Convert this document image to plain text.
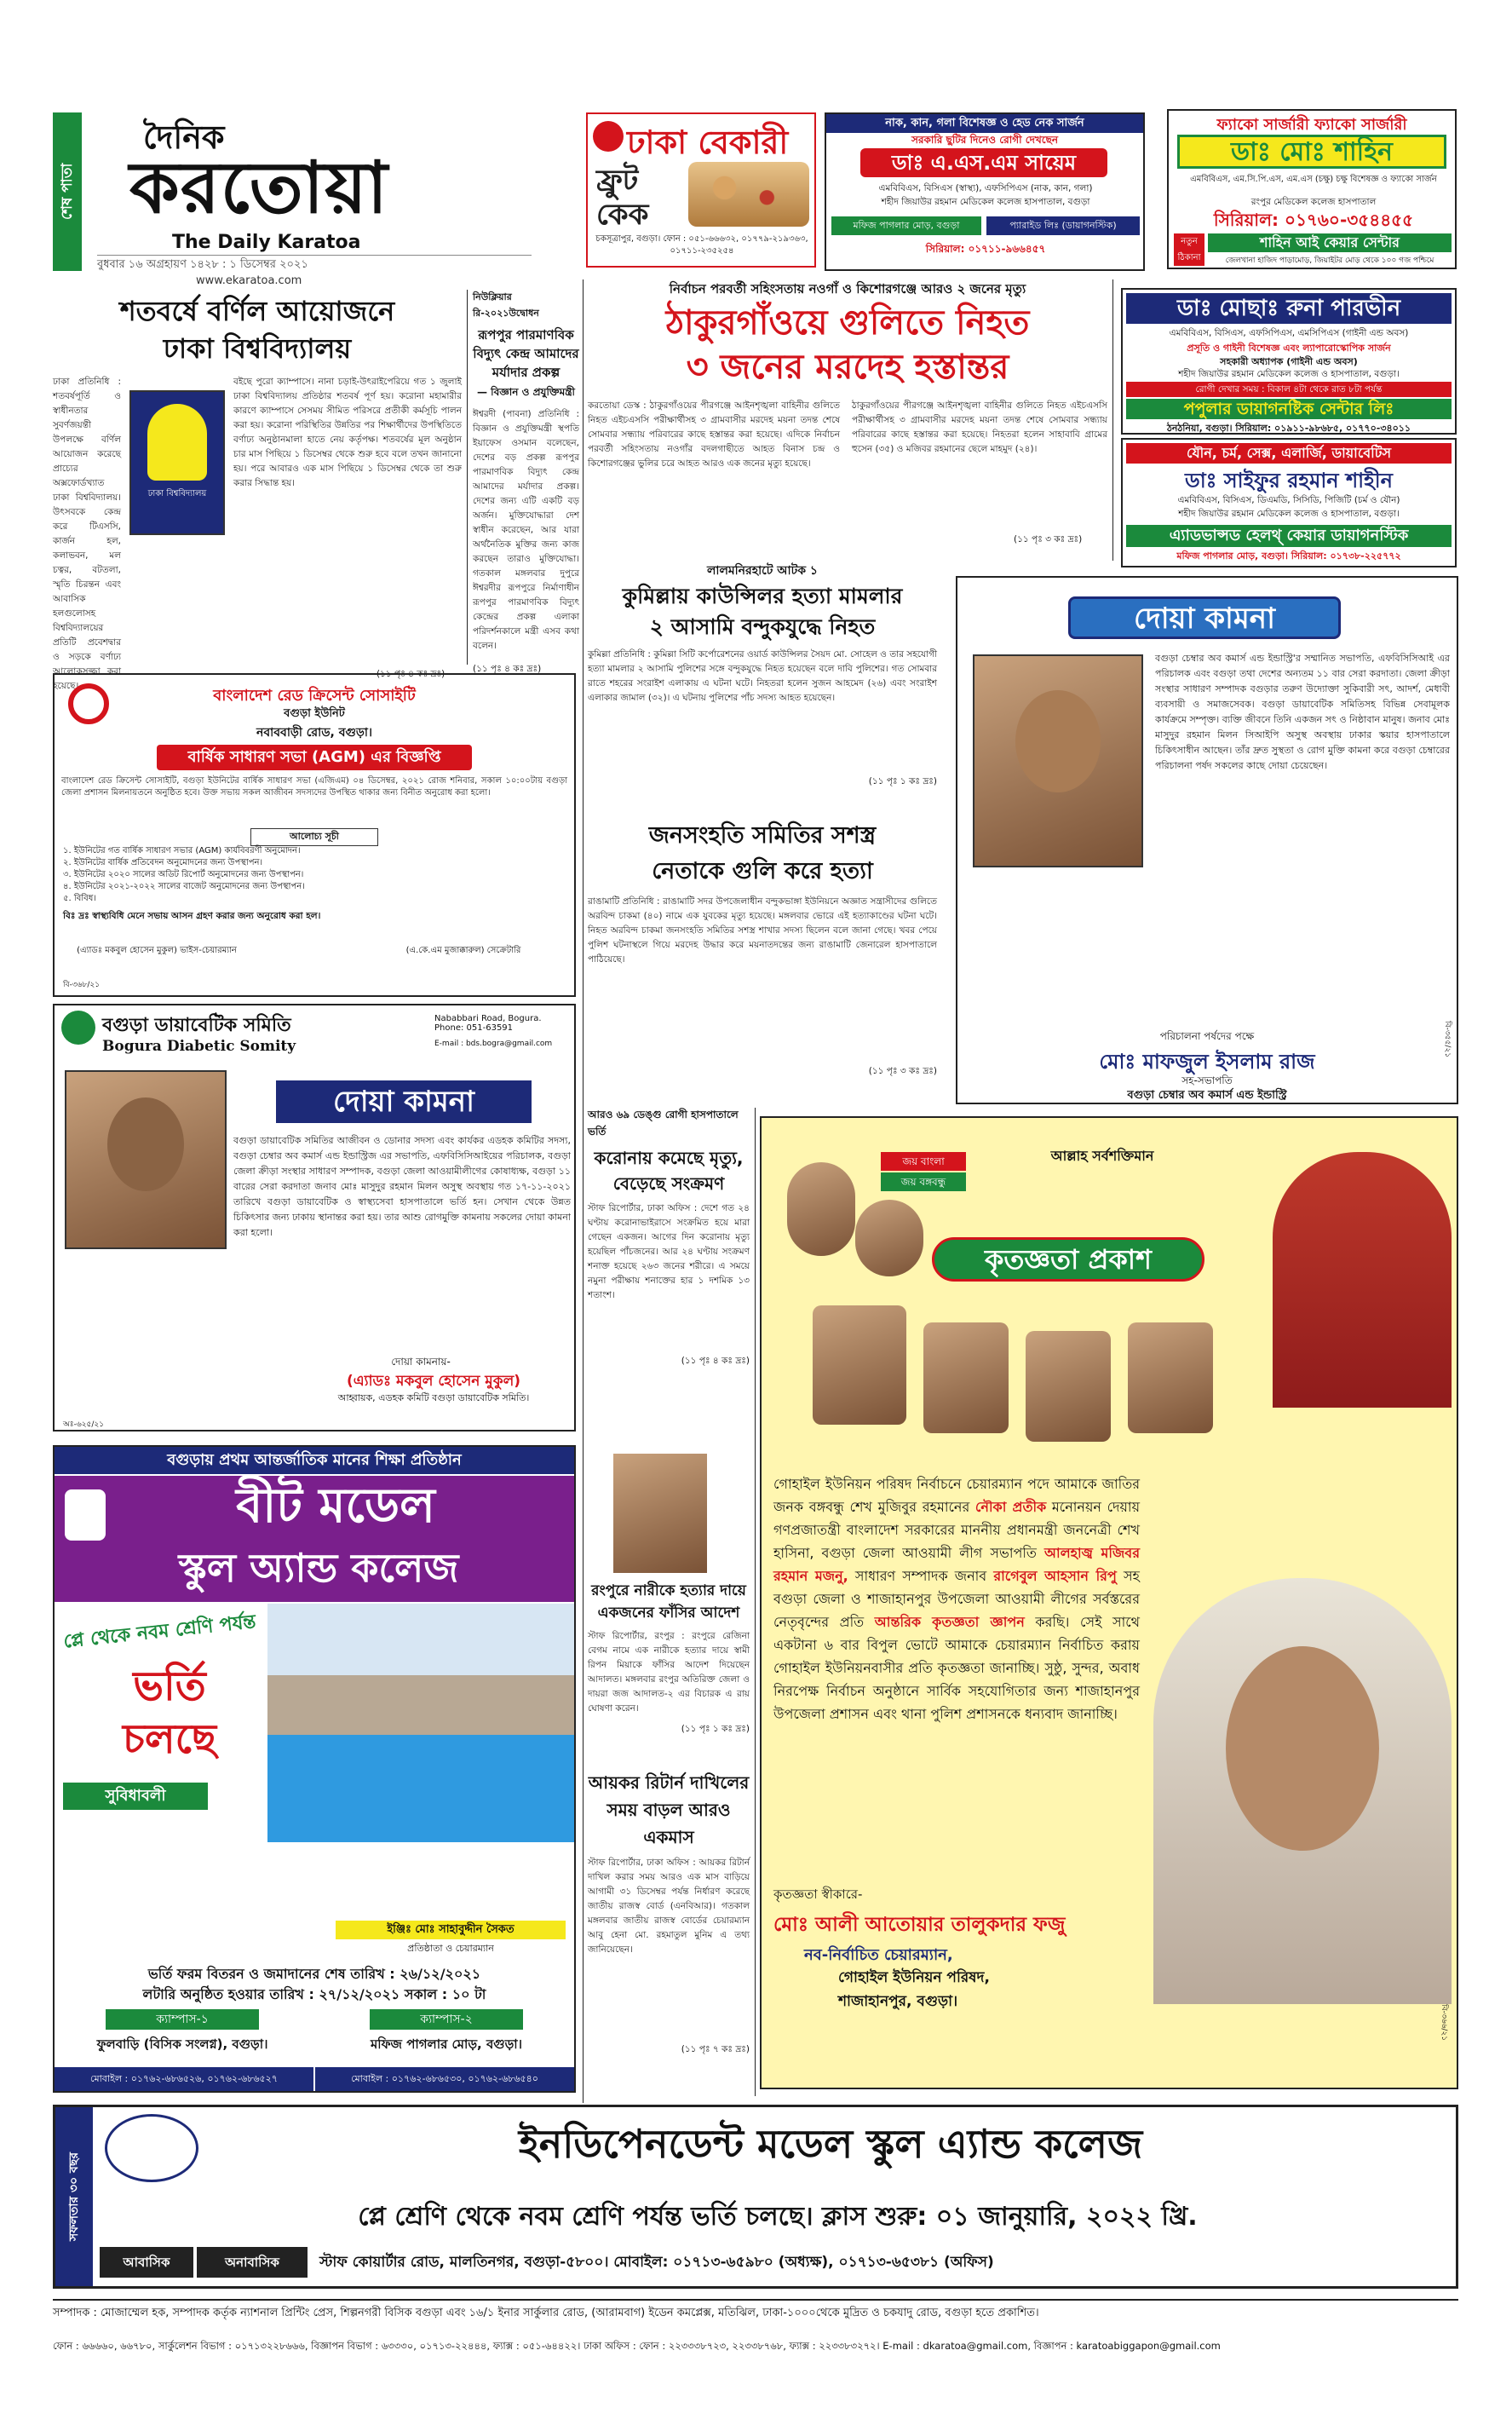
শেষ পাতা
দৈনিক
করতোয়া
The Daily Karatoa
বুধবার ১৬ অগ্রহায়ণ ১৪২৮ : ১ ডিসেম্বর ২০২১
www.ekaratoa.com
ঢাকা বেকারী
ফ্রুট কেক
চকসূত্রাপুর, বগুড়া। ফোন : ০৫১-৬৬৬৩২, ০১৭৭৯-২১৯৩৬৩, ০১৭১১-২৩৫২৫৪
নাক, কান, গলা বিশেষজ্ঞ ও হেড নেক সার্জন
সরকারি ছুটির দিনেও রোগী দেখছেন
ডাঃ এ.এস.এম সায়েম
এমবিবিএস, বিসিএস (স্বাস্থ্য), এফসিপিএস (নাক, কান, গলা)
শহীদ জিয়াউর রহমান মেডিকেল কলেজ হাসপাতাল, বগুড়া
মফিজ পাগলার মোড়, বগুড়া	প্যারাইড লিঃ (ডায়াগনস্টিক)
সিরিয়াল: ০১৭১১-৯৬৬৪৫৭
ফ্যাকো সার্জারী ফ্যাকো সার্জারী
ডাঃ মোঃ শাহিন
এমবিবিএস, এম.সি.পি.এস, এম.এস (চক্ষু) চক্ষু বিশেষজ্ঞ ও ফ্যাকো সার্জন
রংপুর মেডিকেল কলেজ হাসপাতাল
সিরিয়াল: ০১৭৬০-৩৫৪৪৫৫
নতুন ঠিকানা
শাহিন আই কেয়ার সেন্টার
জেলখানা হাজিদ পাড়ামোড়, জিয়াইটর মোড় থেকে ১০০ গজ পশ্চিমে
ডাঃ মোছাঃ রুনা পারভীন
এমবিবিএস, বিসিএস, এফসিপিএস, এমসিপিএস (গাইনী এন্ড অবস)
প্রসূতি ও গাইনী বিশেষজ্ঞ এবং ল্যাপারোস্কোপিক সার্জন
সহকারী অধ্যাপক (গাইনী এন্ড অবস)
শহীদ জিয়াউর রহমান মেডিকেল কলেজ ও হাসপাতাল, বগুড়া।
রোগী দেখার সময় : বিকাল ৪টা থেকে রাত ৮টা পর্যন্ত
পপুলার ডায়াগনষ্টিক সেন্টার লিঃ
ঠনঠনিয়া, বগুড়া। সিরিয়াল: ০১৯১১-৯৮৬৮৫, ০১৭৭০-৩৪০১১
যৌন, চর্ম, সেক্স, এলার্জি, ডায়াবেটিস
ডাঃ সাইফুর রহমান শাহীন
এমবিবিএস, বিসিএস, ডিএমডি, সিসিডি, পিজিটি (চর্ম ও যৌন)
শহীদ জিয়াউর রহমান মেডিকেল কলেজ ও হাসপাতাল, বগুড়া।
এ্যাডভান্সড হেলথ্‌ কেয়ার ডায়াগনস্টিক
মফিজ পাগলার মোড়, বগুড়া। সিরিয়াল: ০১৭৩৮-২২৫৭৭২
শতবর্ষে বর্ণিল আয়োজনে
ঢাকা বিশ্ববিদ্যালয়
ঢাকা প্রতিনিধি : শতবর্ষপূর্তি ও স্বাধীনতার সুবর্ণজয়ন্তী উপলক্ষে বর্ণিল আয়োজন করেছে প্রাচ্যের অক্সফোর্ডখ্যাত ঢাকা বিশ্ববিদ্যালয়। উৎসবকে কেন্দ্র করে টিএসসি, কার্জন হল, কলাভবন, মল চত্বর, বটতলা, স্মৃতি চিরন্তন এবং আবাসিক হলগুলোসহ বিশ্ববিদ্যালয়ের প্রতিটি প্রবেশদ্বার ও সড়কে বর্ণাঢ্য আলোকসজ্জা করা হয়েছে।
ঢাকা বিশ্ববিদ্যালয়
বইছে পুরো ক্যাম্পাসে। নানা চড়াই-উৎরাইপেরিয়ে গত ১ জুলাই ঢাকা বিশ্ববিদ্যালয় প্রতিষ্ঠার শতবর্ষ পূর্ণ হয়। করোনা মহামারীর কারণে ক্যাম্পাসে সেসময় সীমিত পরিসরে প্রতীকী কর্মসূচি পালন করা হয়। করোনা পরিস্থিতির উন্নতির পর শিক্ষার্থীদের উপস্থিতিতে বর্ণাঢ্য অনুষ্ঠানমালা হাতে নেয় কর্তৃপক্ষ। শতবর্ষের মূল অনুষ্ঠান চার মাস পিছিয়ে ১ ডিসেম্বর থেকে শুরু হবে বলে তখন জানানো হয়। পরে আবারও এক মাস পিছিয়ে ১ ডিসেম্বর থেকে তা শুরু করার সিদ্ধান্ত হয়।
(১১ পৃঃ ৪ কঃ দ্রঃ)
নিউক্লিয়ার রি-২০২১উদ্বোধন
রূপপুর পারমাণবিক বিদ্যুৎ কেন্দ্র আমাদের মর্যাদার প্রকল্প
— বিজ্ঞান ও প্রযুক্তিমন্ত্রী
ঈশ্বরদী (পাবনা) প্রতিনিধি : বিজ্ঞান ও প্রযুক্তিমন্ত্রী স্থপতি ইয়াফেস ওসমান বলেছেন, দেশের বড় প্রকল্প রূপপুর পারমাণবিক বিদ্যুৎ কেন্দ্র আমাদের মর্যাদার প্রকল্প। দেশের জন্য এটি একটি বড় অর্জন। মুক্তিযোদ্ধারা দেশ স্বাধীন করেছেন, আর যারা অর্থনৈতিক মুক্তির জন্য কাজ করছেন তারাও মুক্তিযোদ্ধা। গতকাল মঙ্গলবার দুপুরে ঈশ্বরদীর রূপপুরে নির্মাণাধীন রূপপুর পারমাণবিক বিদ্যুৎ কেন্দ্রের প্রকল্প এলাকা পরিদর্শনকালে মন্ত্রী এসব কথা বলেন।
(১১ পৃঃ ৪ কঃ দ্রঃ)
নির্বাচন পরবর্তী সহিংসতায় নওগাঁ ও কিশোরগঞ্জে আরও ২ জনের মৃত্যু
ঠাকুরগাঁওয়ে গুলিতে নিহত
৩ জনের মরদেহ হস্তান্তর
করতোয়া ডেস্ক : ঠাকুরগাঁওয়ের পীরগঞ্জে আইনশৃঙ্খলা বাহিনীর গুলিতে নিহত এইচএসসি পরীক্ষার্থীসহ ৩ গ্রামবাসীর মরদেহ ময়না তদন্ত শেষে সোমবার সন্ধ্যায় পরিবারের কাছে হস্তান্তর করা হয়েছে। এদিকে নির্বাচন পরবর্তী সহিংসতায় নওগাঁর বদলগাছীতে আহত বিনাস চন্দ্র ও কিশোরগঞ্জের ভুলির চরে আহত আরও এক জনের মৃত্যু হয়েছে।
ঠাকুরগাঁওয়ের পীরগঞ্জে আইনশৃঙ্খলা বাহিনীর গুলিতে নিহত এইচএসসি পরীক্ষার্থীসহ ৩ গ্রামবাসীর মরদেহ ময়না তদন্ত শেষে সোমবার সন্ধ্যায় পরিবারের কাছে হস্তান্তর করা হয়েছে। নিহতরা হলেন সাহাবাবি গ্রামের হুসেন (৩৫) ও মজিবর রহমানের ছেলে মাহমুদ (২৪)।
(১১ পৃঃ ৩ কঃ দ্রঃ)
বাংলাদেশ রেড ক্রিসেন্ট সোসাইটি
বগুড়া ইউনিট
নবাববাড়ী রোড, বগুড়া।
বার্ষিক সাধারণ সভা (AGM) এর বিজ্ঞপ্তি
বাংলাদেশ রেড ক্রিসেন্ট সোসাইটি, বগুড়া ইউনিটের বার্ষিক সাধারণ সভা (এজিএম) ০৪ ডিসেম্বর, ২০২১ রোজ শনিবার, সকাল ১০:০০টায় বগুড়া জেলা প্রশাসন মিলনায়তনে অনুষ্ঠিত হবে। উক্ত সভায় সকল আজীবন সদস্যদের উপস্থিত থাকার জন্য বিনীত অনুরোধ করা হলো।
আলোচ্য সূচী
১. ইউনিটের গত বার্ষিক সাধারণ সভার (AGM) কার্যবিবরণী অনুমোদন।
২. ইউনিটের বার্ষিক প্রতিবেদন অনুমোদনের জন্য উপস্থাপন।
৩. ইউনিটের ২০২০ সালের অডিট রিপোর্ট অনুমোদনের জন্য উপস্থাপন।
৪. ইউনিটের ২০২১-২০২২ সালের বাজেট অনুমোদনের জন্য উপস্থাপন।
৫. বিবিধ।
বিঃ দ্রঃ স্বাস্থ্যবিধি মেনে সভায় আসন গ্রহণ করার জন্য অনুরোধ করা হল।
(এ্যাডঃ মকবুল হোসেন মুকুল) ভাইস-চেয়ারম্যান	(এ.কে.এম মুজাক্কারুল) সেক্রেটারি
বি-৩৬৮/২১
লালমনিরহাটে আটক ১
কুমিল্লায় কাউন্সিলর হত্যা মামলার
২ আসামি বন্দুকযুদ্ধে নিহত
কুমিল্লা প্রতিনিধি : কুমিল্লা সিটি কর্পোরেশনের ওয়ার্ড কাউন্সিলর সৈয়দ মো. সোহেল ও তার সহযোগী হত্যা মামলার ২ আসামি পুলিশের সঙ্গে বন্দুকযুদ্ধে নিহত হয়েছেন বলে দাবি পুলিশের। গত সোমবার রাতে শহরের সংরাইশ এলাকায় এ ঘটনা ঘটে। নিহতরা হলেন সুজন আহমেদ (২৬) এবং সংরাইশ এলাকার জামাল (৩২)। এ ঘটনায় পুলিশের পাঁচ সদস্য আহত হয়েছেন।
(১১ পৃঃ ১ কঃ দ্রঃ)
জনসংহতি সমিতির সশস্ত্র
নেতাকে গুলি করে হত্যা
রাঙামাটি প্রতিনিধি : রাঙামাটি সদর উপজেলাধীন বন্দুকভাঙ্গা ইউনিয়নে অজ্ঞাত সন্ত্রাসীদের গুলিতে অরবিন্দ চাকমা (৪০) নামে এক যুবকের মৃত্যু হয়েছে। মঙ্গলবার ভোরে এই হত্যাকাণ্ডের ঘটনা ঘটে। নিহত অরবিন্দ চাকমা জনসংহতি সমিতির সশস্ত্র শাখার সদস্য ছিলেন বলে জানা গেছে। খবর পেয়ে পুলিশ ঘটনাস্থলে গিয়ে মরদেহ উদ্ধার করে ময়নাতদন্তের জন্য রাঙামাটি জেনারেল হাসপাতালে পাঠিয়েছে।
(১১ পৃঃ ৩ কঃ দ্রঃ)
দোয়া কামনা
বগুড়া চেম্বার অব কমার্স এন্ড ইন্ডাস্ট্রি'র সম্মানিত সভাপতি, এফবিসিসিআই এর পরিচালক এবং বগুড়া তথা দেশের অন্যতম ১১ বার সেরা করদাতা। জেলা ক্রীড়া সংস্থার সাধারণ সম্পাদক বগুড়ার তরুণ উদ্যোক্তা সুকিবারী সৎ, আদর্শ, মেধাবী ব্যবসায়ী ও সমাজসেবক। বগুড়া ডায়াবেটিক সমিতিসহ বিভিন্ন সেবামূলক কার্যক্রমে সম্পৃক্ত। ব্যক্তি জীবনে তিনি একজন সৎ ও নিষ্ঠাবান মানুষ। জনাব মোঃ মাসুদুর রহমান মিলন সিআইপি অসুস্থ অবস্থায় ঢাকার স্কয়ার হাসপাতালে চিকিৎসাধীন আছেন। তাঁর দ্রুত সুস্থতা ও রোগ মুক্তি কামনা করে বগুড়া চেম্বারের পরিচালনা পর্ষদ সকলের কাছে দোয়া চেয়েছেন।
পরিচালনা পর্ষদের পক্ষে
মোঃ মাফজুল ইসলাম রাজ
সহ-সভাপতি
বগুড়া চেম্বার অব কমার্স এন্ড ইন্ডাস্ট্রি
বি-৩৫৫/২১
বগুড়া ডায়াবেটিক সমিতি
Bogura Diabetic Somity
Nababbari Road, Bogura. Phone: 051-63591
E-mail : bds.bogra@gmail.com
দোয়া কামনা
বগুড়া ডায়াবেটিক সমিতির আজীবন ও ডোনার সদস্য এবং কার্যকর এডহক কমিটির সদস্য, বগুড়া চেম্বার অব কমার্স এন্ড ইন্ডাস্ট্রিজ এর সভাপতি, এফবিসিসিআইয়ের পরিচালক, বগুড়া জেলা ক্রীড়া সংস্থার সাধারণ সম্পাদক, বগুড়া জেলা আওয়ামীলীগের কোষাধ্যক্ষ, বগুড়া ১১ বারের সেরা করদাতা জনাব মোঃ মাসুদুর রহমান মিলন অসুস্থ অবস্থায় গত ১৭-১১-২০২১ তারিখে বগুড়া ডায়াবেটিক ও স্বাস্থ্যসেবা হাসপাতালে ভর্তি হন। সেখান থেকে উন্নত চিকিৎসার জন্য ঢাকায় স্থানান্তর করা হয়। তার আশু রোগমুক্তি কামনায় সকলের দোয়া কামনা করা হলো।
দোয়া কামনায়-
(এ্যাডঃ মকবুল হোসেন মুকুল)
আহ্বায়ক, এডহক কমিটি বগুড়া ডায়াবেটিক সমিতি।
অঃ-৬২৫/২১
আরও ৬৯ ডেঙ্গু রোগী হাসপাতালে ভর্তি
করোনায় কমেছে মৃত্যু, বেড়েছে সংক্রমণ
স্টাফ রিপোর্টার, ঢাকা অফিস : দেশে গত ২৪ ঘণ্টায় করোনাভাইরাসে সংক্রমিত হয়ে মারা গেছেন একজন। আগের দিন করোনায় মৃত্যু হয়েছিল পাঁচজনের। আর ২৪ ঘণ্টায় সংক্রমণ শনাক্ত হয়েছে ২৬৩ জনের শরীরে। এ সময়ে নমুনা পরীক্ষায় শনাক্তের হার ১ দশমিক ১৩ শতাংশ।
(১১ পৃঃ ৪ কঃ দ্রঃ)
জয় বাংলা
জয় বঙ্গবন্ধু
আল্লাহ সর্বশক্তিমান
কৃতজ্ঞতা প্রকাশ
গোহাইল ইউনিয়ন পরিষদ নির্বাচনে চেয়ারম্যান পদে আমাকে জাতির জনক বঙ্গবন্ধু শেখ মুজিবুর রহমানের নৌকা প্রতীক মনোনয়ন দেয়ায় গণপ্রজাতন্ত্রী বাংলাদেশ সরকারের মাননীয় প্রধানমন্ত্রী জননেত্রী শেখ হাসিনা, বগুড়া জেলা আওয়ামী লীগ সভাপতি আলহাজ্ব মজিবর রহমান মজনু, সাধারণ সম্পাদক জনাব রাগেবুল আহসান রিপু সহ বগুড়া জেলা ও শাজাহানপুর উপজেলা আওয়ামী লীগের সর্বস্তরের নেতৃবৃন্দের প্রতি আন্তরিক কৃতজ্ঞতা জ্ঞাপন করছি। সেই সাথে একটানা ৬ বার বিপুল ভোটে আমাকে চেয়ারম্যান নির্বাচিত করায় গোহাইল ইউনিয়নবাসীর প্রতি কৃতজ্ঞতা জানাচ্ছি। সুষ্ঠু, সুন্দর, অবাধ নিরপেক্ষ নির্বাচন অনুষ্ঠানে সার্বিক সহযোগিতার জন্য শাজাহানপুর উপজেলা প্রশাসন এবং থানা পুলিশ প্রশাসনকে ধন্যবাদ জানাচ্ছি।
কৃতজ্ঞতা স্বীকারে-
মোঃ আলী আতোয়ার তালুকদার ফজু
নব-নির্বাচিত চেয়ারম্যান,
গোহাইল ইউনিয়ন পরিষদ,
শাজাহানপুর, বগুড়া।
বি-৩৬৬/২১
বগুড়ায় প্রথম আন্তর্জাতিক মানের শিক্ষা প্রতিষ্ঠান
বীট মডেল
স্কুল অ্যান্ড কলেজ
প্লে থেকে নবম শ্রেণি পর্যন্ত
ভর্তি চলছে
সুবিধাবলী
ইঞ্জিঃ মোঃ সাহাবুদ্দীন সৈকত
প্রতিষ্ঠাতা ও চেয়ারম্যান
ভর্তি ফরম বিতরন ও জমাদানের শেষ তারিখ : ২৬/১২/২০২১
লটারি অনুষ্ঠিত হওয়ার তারিখ : ২৭/১২/২০২১ সকাল : ১০ টা
ক্যাম্পাস-১	ক্যাম্পাস-২
ফুলবাড়ি (বিসিক সংলগ্ন), বগুড়া।	মফিজ পাগলার মোড়, বগুড়া।
মোবাইল : ০১৭৬২-৬৮৬৫২৬, ০১৭৬২-৬৮৬৫২৭	মোবাইল : ০১৭৬২-৬৮৬৫৩০, ০১৭৬২-৬৮৬৫৪০
রংপুরে নারীকে হত্যার দায়ে একজনের ফাঁসির আদেশ
স্টাফ রিপোর্টার, রংপুর : রংপুরে রেজিনা বেগম নামে এক নারীকে হত্যার দায়ে স্বামী রিপন মিয়াকে ফাঁসির আদেশ দিয়েছেন আদালত। মঙ্গলবার রংপুর অতিরিক্ত জেলা ও দায়রা জজ আদালত-২ এর বিচারক এ রায় ঘোষণা করেন।
(১১ পৃঃ ১ কঃ দ্রঃ)
আয়কর রিটার্ন দাখিলের সময় বাড়ল আরও একমাস
স্টাফ রিপোর্টার, ঢাকা অফিস : আয়কর রিটার্ন দাখিল করার সময় আরও এক মাস বাড়িয়ে আগামী ৩১ ডিসেম্বর পর্যন্ত নির্ধারণ করেছে জাতীয় রাজস্ব বোর্ড (এনবিআর)। গতকাল মঙ্গলবার জাতীয় রাজস্ব বোর্ডের চেয়ারম্যান আবু হেনা মো. রহমাতুল মুনিম এ তথ্য জানিয়েছেন।
(১১ পৃঃ ৭ কঃ দ্রঃ)
সফলতার ৩০ বছর
ইনডিপেনডেন্ট মডেল স্কুল এ্যান্ড কলেজ
প্লে শ্রেণি থেকে নবম শ্রেণি পর্যন্ত ভর্তি চলছে। ক্লাস শুরু: ০১ জানুয়ারি, ২০২২ খ্রি.
আবাসিক	অনাবাসিক	স্টাফ কোয়ার্টার রোড, মালতিনগর, বগুড়া-৫৮০০। মোবাইল: ০১৭১৩-৬৫৯৮০ (অধ্যক্ষ), ০১৭১৩-৬৫৩৮১ (অফিস)
সম্পাদক : মোজাম্মেল হক, সম্পাদক কর্তৃক ন্যাশনাল প্রিন্টিং প্রেস, শিল্পনগরী বিসিক বগুড়া এবং ১৬/১ ইনার সার্কুলার রোড, (আরামবাগ) ইডেন কমপ্লেক্স, মতিঝিল, ঢাকা-১০০০থেকে মুদ্রিত ও চকযাদু রোড, বগুড়া হতে প্রকাশিত।
ফোন : ৬৬৬৬০, ৬৬৭৮০, সার্কুলেশন বিভাগ : ০১৭১৩২২৮৬৬৬, বিজ্ঞাপন বিভাগ : ৬৩৩৩০, ০১৭১৩-২২৪৪৪, ফ্যাক্স : ০৫১-৬৪৪২২। ঢাকা অফিস : ফোন : ২২৩৩৩৮৭২৩, ২২৩৩৮৭৬৮, ফ্যাক্স : ২২৩৩৮৩২৭২। E-mail : dkaratoa@gmail.com, বিজ্ঞাপন : karatoabiggapon@gmail.com
